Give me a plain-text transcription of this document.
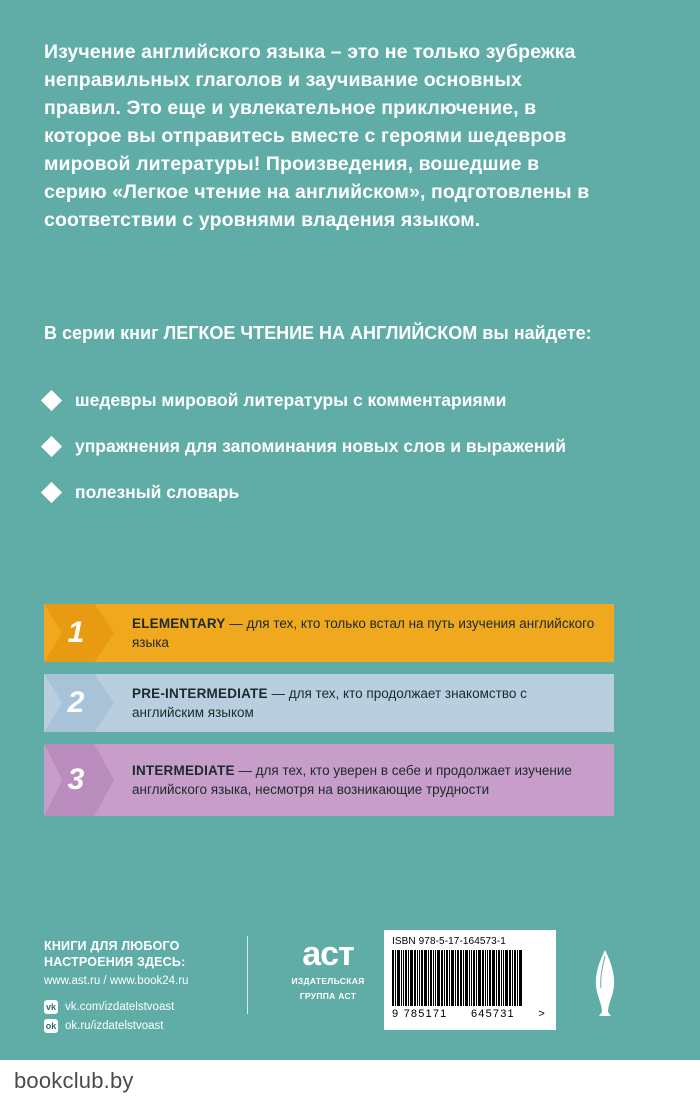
Изучение английского языка – это не только зубрежка неправильных глаголов и заучивание основных правил. Это еще и увлекательное приключение, в которое вы отправитесь вместе с героями шедевров мировой литературы! Произведения, вошедшие в серию «Легкое чтение на английском», подготовлены в соответствии с уровнями владения языком.
В серии книг ЛЕГКОЕ ЧТЕНИЕ НА АНГЛИЙСКОМ вы найдете:
шедевры мировой литературы с комментариями
упражнения для запоминания новых слов и выражений
полезный словарь
1	ELEMENTARY — для тех, кто только встал на путь изучения английского языка
2	PRE-INTERMEDIATE — для тех, кто продолжает знакомство с английским языком
3	INTERMEDIATE — для тех, кто уверен в себе и продолжает изучение английского языка, несмотря на возникающие трудности
КНИГИ ДЛЯ ЛЮБОГО
НАСТРОЕНИЯ ЗДЕСЬ:
www.ast.ru / www.book24.ru
vk vk.com/izdatelstvoast
ok ok.ru/izdatelstvoast
аст
ИЗДАТЕЛЬСКАЯ
ГРУППА АСТ
ISBN 978-5-17-164573-1
9 785171 645731 >
bookclub.by
